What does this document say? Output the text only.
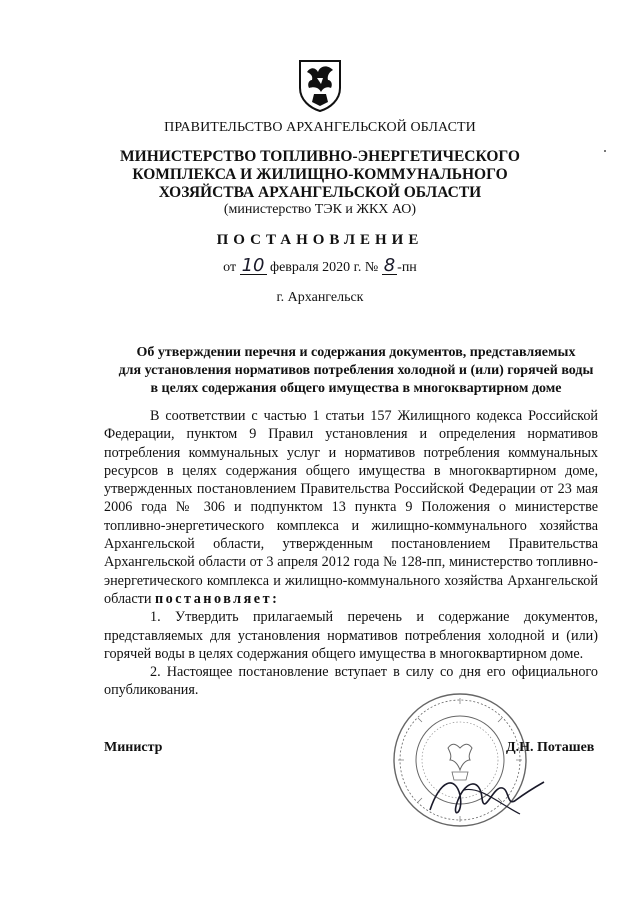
ПРАВИТЕЛЬСТВО АРХАНГЕЛЬСКОЙ ОБЛАСТИ
МИНИСТЕРСТВО ТОПЛИВНО-ЭНЕРГЕТИЧЕСКОГО
КОМПЛЕКСА И ЖИЛИЩНО-КОММУНАЛЬНОГО
ХОЗЯЙСТВА АРХАНГЕЛЬСКОЙ ОБЛАСТИ
(министерство ТЭК и ЖКХ АО)
ПОСТАНОВЛЕНИЕ
от 10 февраля 2020 г. № 8 -пн
г. Архангельск
Об утверждении перечня и содержания документов, представляемых
для установления нормативов потребления холодной и (или) горячей воды
в целях содержания общего имущества в многоквартирном доме

В соответствии с частью 1 статьи 157 Жилищного кодекса Российской Федерации, пунктом 9 Правил установления и определения нормативов потребления коммунальных услуг и нормативов потребления коммунальных ресурсов в целях содержания общего имущества в многоквартирном доме, утвержденных постановлением Правительства Российской Федерации от 23 мая 2006 года № 306 и подпунктом 13 пункта 9 Положения о министерстве топливно-энергетического комплекса и жилищно-коммунального хозяйства Архангельской области, утвержденным постановлением Правительства Архангельской области от 3 апреля 2012 года № 128-пп, министерство топливно-энергетического комплекса и жилищно-коммунального хозяйства Архангельской области постановляет:

1. Утвердить прилагаемый перечень и содержание документов, представляемых для установления нормативов потребления холодной и (или) горячей воды в целях содержания общего имущества в многоквартирном доме.

2. Настоящее постановление вступает в силу со дня его официального опубликования.

Министр	Д.Н. Поташев
